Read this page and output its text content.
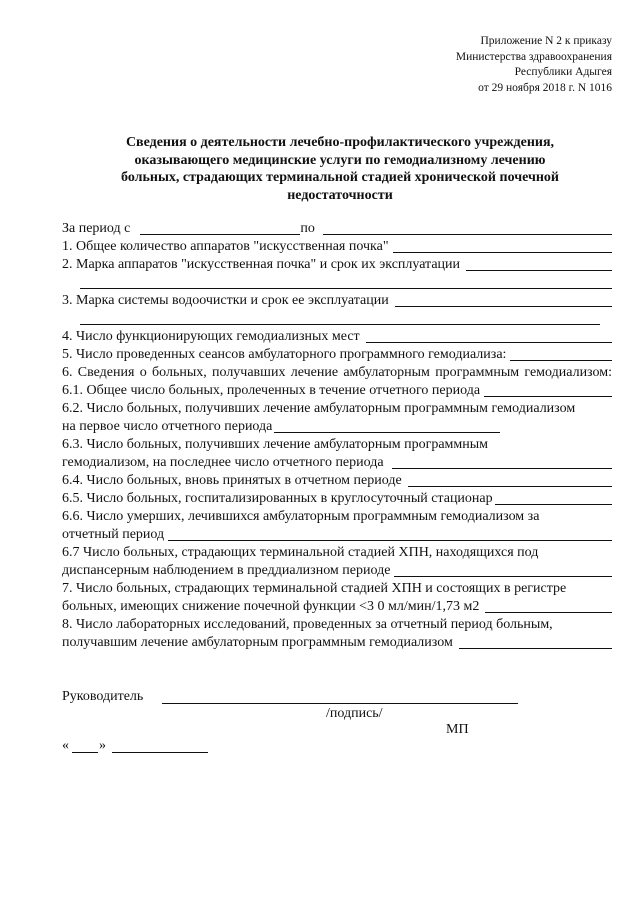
Приложение N 2 к приказу
Министерства здравоохранения
Республики Адыгея
от 29 ноября 2018 г. N 1016
Сведения о деятельности лечебно-профилактического учреждения,
оказывающего медицинские услуги по гемодиализному лечению
больных, страдающих терминальной стадией хронической почечной
недостаточности
За период с	по
1. Общее количество аппаратов "искусственная почка"
2. Марка аппаратов "искусственная почка" и срок их эксплуатации
3. Марка системы водоочистки и срок ее эксплуатации
4. Число функционирующих гемодиализных мест
5. Число проведенных сеансов амбулаторного программного гемодиализа:
6. Сведения о больных, получавших лечение амбулаторным программным гемодиализом:
6.1. Общее число больных, пролеченных в течение отчетного периода
6.2. Число больных, получивших лечение амбулаторным программным гемодиализом
на первое число отчетного периода
6.3. Число больных, получивших лечение амбулаторным программным
гемодиализом, на последнее число отчетного периода
6.4. Число больных, вновь принятых в отчетном периоде
6.5. Число больных, госпитализированных в круглосуточный стационар
6.6. Число умерших, лечившихся амбулаторным программным гемодиализом за
отчетный период
6.7 Число больных, страдающих терминальной стадией ХПН, находящихся под
диспансерным наблюдением в преддиализном периоде
7. Число больных, страдающих терминальной стадией ХПН и состоящих в регистре
больных, имеющих снижение почечной функции <3 0 мл/мин/1,73 м2
8. Число лабораторных исследований, проведенных за отчетный период больным,
получавшим лечение амбулаторным программным гемодиализом
Руководитель
/подпись/
МП
« »
